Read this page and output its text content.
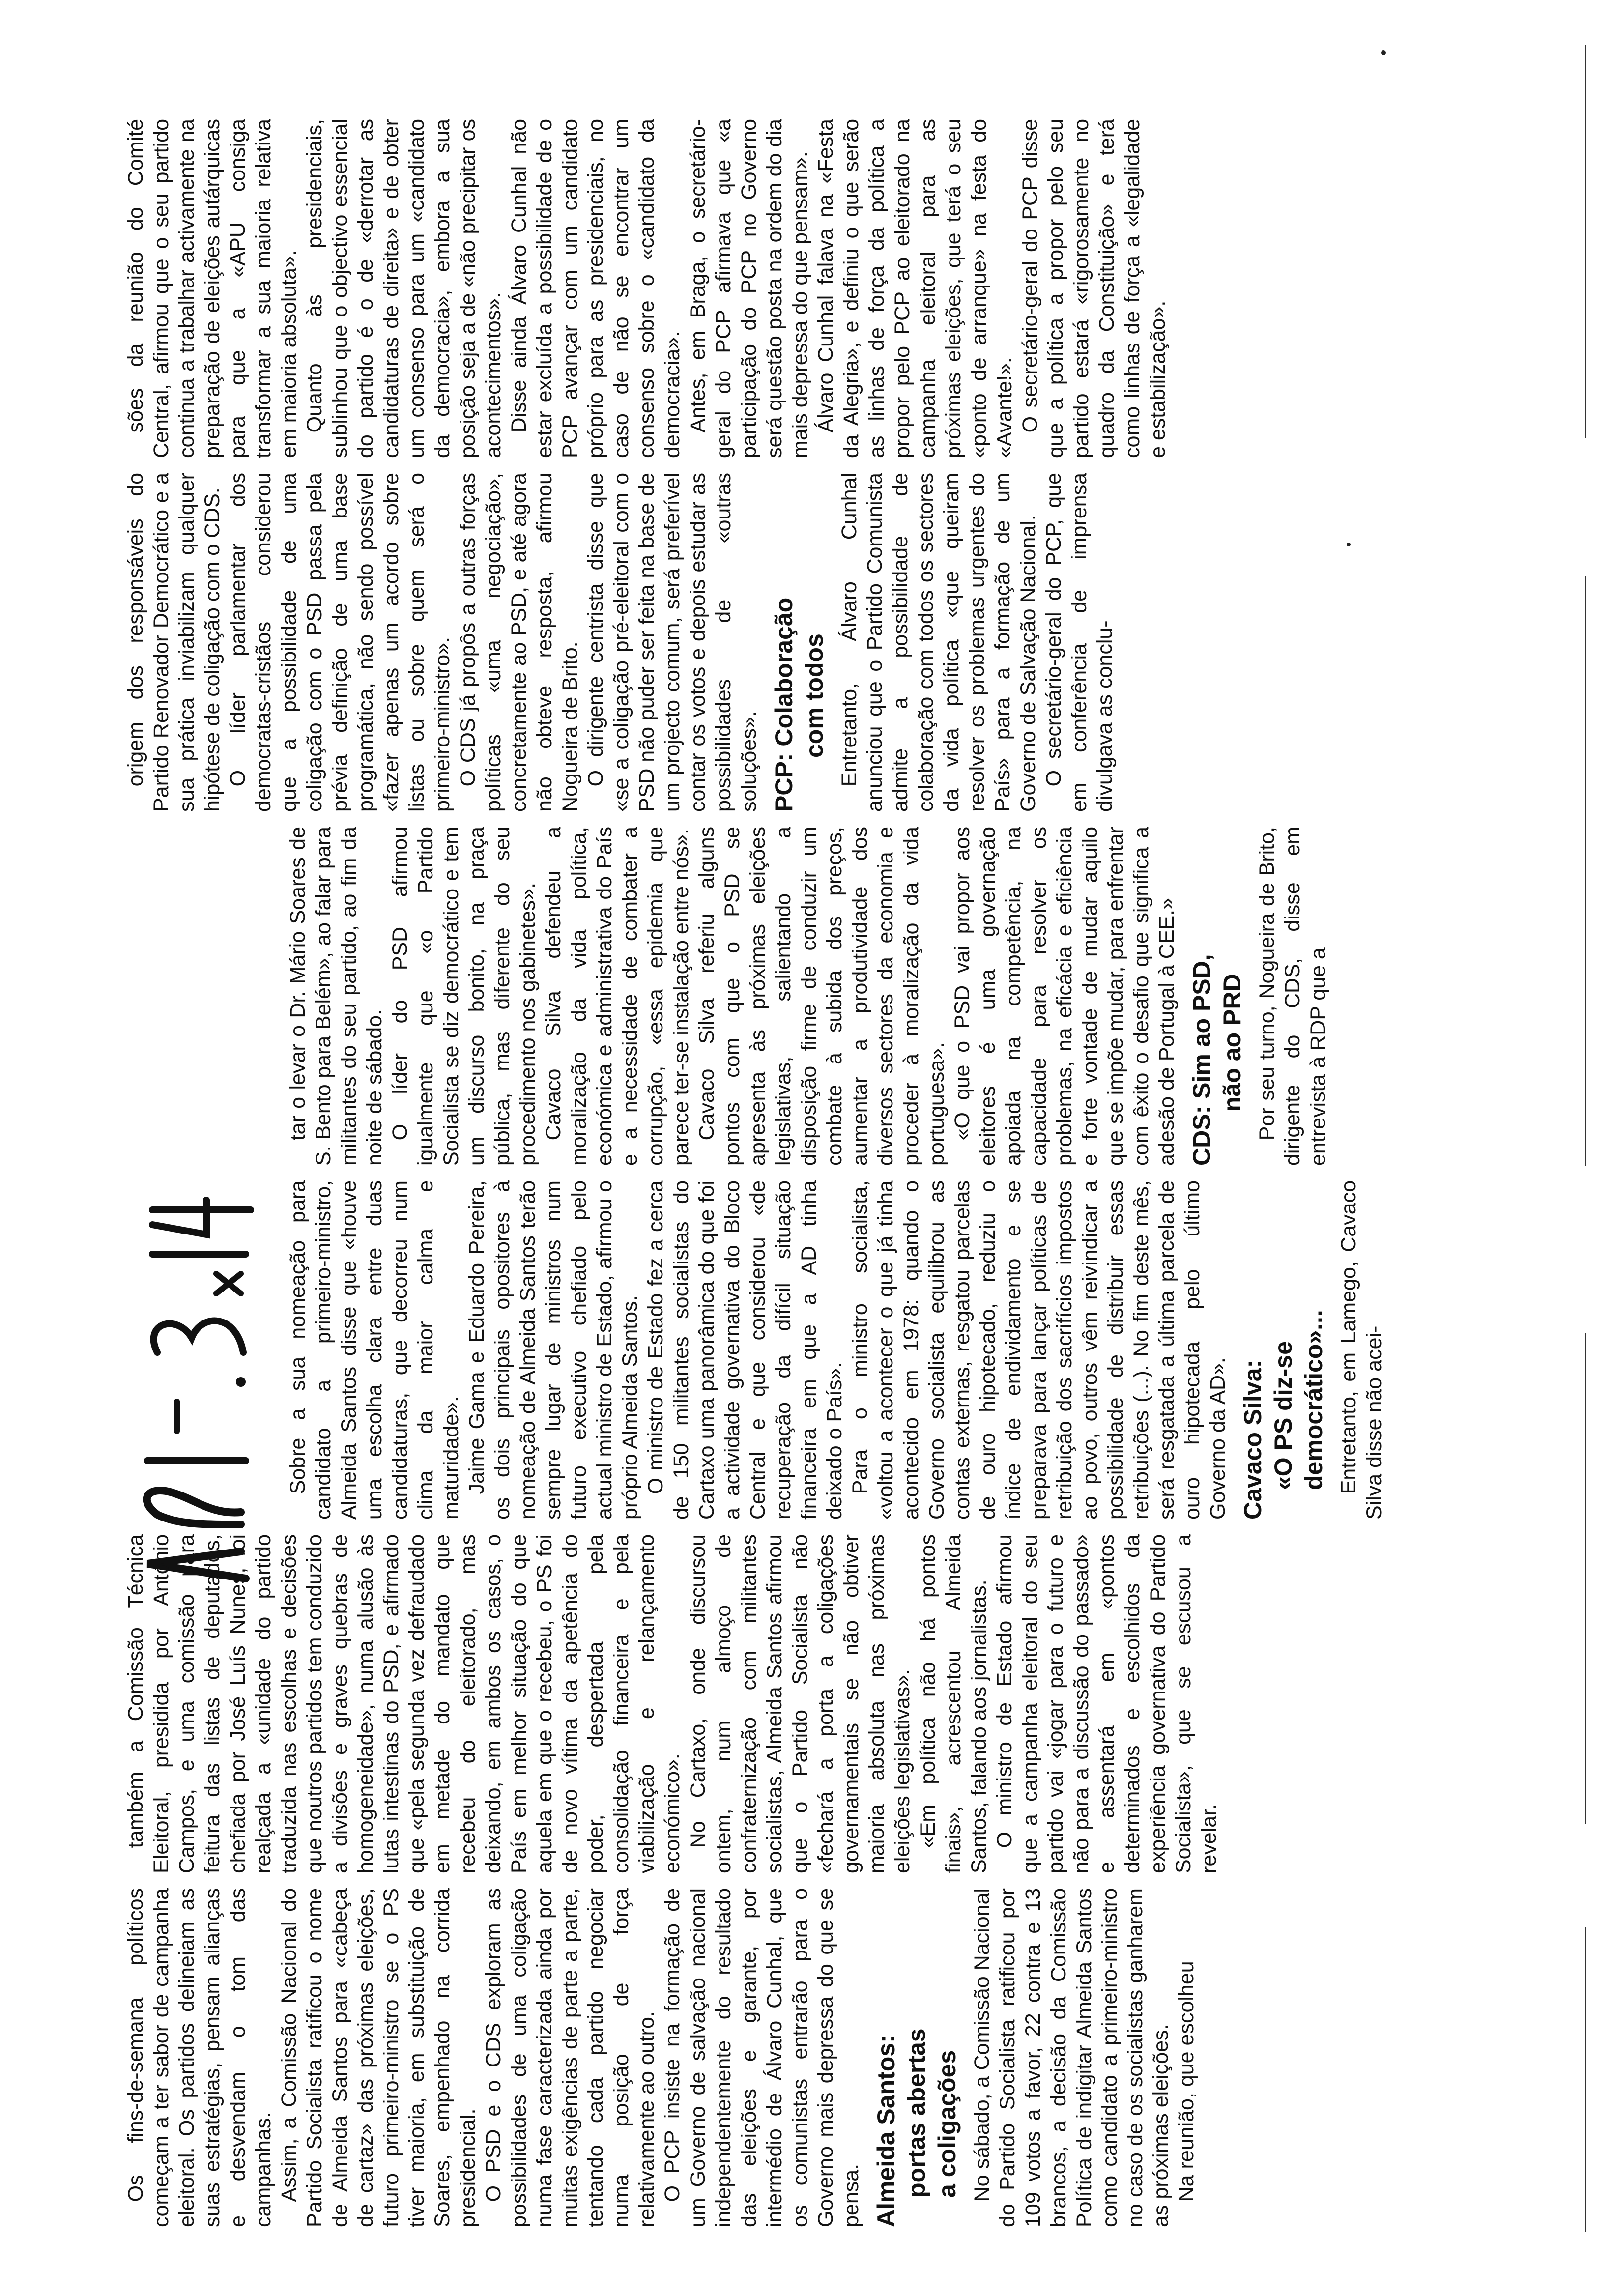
Os fins-de-semana políticos começam a ter sabor de campanha eleitoral. Os partidos delineiam as suas estratégias, pensam alianças e desvendam o tom das campanhas. Assim, a Comissão Nacional do Partido Socialista ratificou o nome de Almeida Santos para «cabeça de cartaz» das próximas eleições, futuro primeiro-ministro se o PS tiver maioria, em substituição de Soares, empenhado na corrida presidencial. O PSD e o CDS exploram as possibilidades de uma coligação numa fase caracterizada ainda por muitas exigências de parte a parte, tentando cada partido negociar numa posição de força relativamente ao outro. O PCP insiste na formação de um Governo de salvação nacional independentemente do resultado das eleições e garante, por intermédio de Álvaro Cunhal, que os comunistas entrarão para o Governo mais depressa do que se pensa. Almeida Santos: portas abertas a coligações No sábado, a Comissão Nacional do Partido Socialista ratificou por 109 votos a favor, 22 contra e 13 brancos, a decisão da Comissão Política de indigitar Almeida Santos como candidato a primeiro-ministro no caso de os socialistas ganharem as próximas eleições. Na reunião, que escolheu

também a Comissão Técnica Eleitoral, presidida por António Campos, e uma comissão para feitura das listas de deputados, chefiada por José Luís Nunes, foi realçada a «unidade do partido traduzida nas escolhas e decisões que noutros partidos tem conduzido a divisões e graves quebras de homogeneidade», numa alusão às lutas intestinas do PSD, e afirmado que «pela segunda vez defraudado em metade do mandato que recebeu do eleitorado, mas deixando, em ambos os casos, o País em melhor situação do que aquela em que o recebeu, o PS foi de novo vítima da apetência do poder, despertada pela consolidação financeira e pela viabilização e relançamento económico». No Cartaxo, onde discursou ontem, num almoço de confraternização com militantes socialistas, Almeida Santos afirmou que o Partido Socialista não «fechará a porta a coligações governamentais se não obtiver maioria absoluta nas próximas eleições legislativas». «Em política não há pontos finais», acrescentou Almeida Santos, falando aos jornalistas. O ministro de Estado afirmou que a campanha eleitoral do seu partido vai «jogar para o futuro e não para a discussão do passado» e assentará em «pontos determinados e escolhidos da experiência governativa do Partido Socialista», que se escusou a revelar.

Sobre a sua nomeação para candidato a primeiro-ministro, Almeida Santos disse que «houve uma escolha clara entre duas candidaturas, que decorreu num clima da maior calma e maturidade». Jaime Gama e Eduardo Pereira, os dois principais opositores à nomeação de Almeida Santos terão sempre lugar de ministros num futuro executivo chefiado pelo actual ministro de Estado, afirmou o próprio Almeida Santos. O ministro de Estado fez a cerca de 150 militantes socialistas do Cartaxo uma panorâmica do que foi a actividade governativa do Bloco Central e que considerou «de recuperação da difícil situação financeira em que a AD tinha deixado o País». Para o ministro socialista, «voltou a acontecer o que já tinha acontecido em 1978: quando o Governo socialista equilibrou as contas externas, resgatou parcelas de ouro hipotecado, reduziu o índice de endividamento e se preparava para lançar políticas de retribuição dos sacrifícios impostos ao povo, outros vêm reivindicar a possibilidade de distribuir essas retribuições (...). No fim deste mês, será resgatada a última parcela de ouro hipotecada pelo último Governo da AD». Cavaco Silva: «O PS diz-se democrático»... Entretanto, em Lamego, Cavaco Silva disse não acei-

tar o levar o Dr. Mário Soares de S. Bento para Belém», ao falar para militantes do seu partido, ao fim da noite de sábado. O líder do PSD afirmou igualmente que «o Partido Socialista se diz democrático e tem um discurso bonito, na praça pública, mas diferente do seu procedimento nos gabinetes». Cavaco Silva defendeu a moralização da vida política, económica e administrativa do País e a necessidade de combater a corrupção, «essa epidemia que parece ter-se instalação entre nós». Cavaco Silva referiu alguns pontos com que o PSD se apresenta às próximas eleições legislativas, salientando a disposição firme de conduzir um combate à subida dos preços, aumentar a produtividade dos diversos sectores da economia e proceder à moralização da vida portuguesa». «O que o PSD vai propor aos eleitores é uma governação apoiada na competência, na capacidade para resolver os problemas, na eficácia e eficiência e forte vontade de mudar aquilo que se impõe mudar, para enfrentar com êxito o desafio que significa a adesão de Portugal à CEE.» CDS: Sim ao PSD, não ao PRD Por seu turno, Nogueira de Brito, dirigente do CDS, disse em entrevista à RDP que a

origem dos responsáveis do Partido Renovador Democrático e a sua prática inviabilizam qualquer hipótese de coligação com o CDS. O líder parlamentar dos democratas-cristãos considerou que a possibilidade de uma coligação com o PSD passa pela prévia definição de uma base programática, não sendo possível «fazer apenas um acordo sobre listas ou sobre quem será o primeiro-ministro». O CDS já propôs a outras forças políticas «uma negociação», concretamente ao PSD, e até agora não obteve resposta, afirmou Nogueira de Brito. O dirigente centrista disse que «se a coligação pré-eleitoral com o PSD não puder ser feita na base de um projecto comum, será preferível contar os votos e depois estudar as possibilidades de «outras soluções». PCP: Colaboração com todos Entretanto, Álvaro Cunhal anunciou que o Partido Comunista admite a possibilidade de colaboração com todos os sectores da vida política «que queiram resolver os problemas urgentes do País» para a formação de um Governo de Salvação Nacional. O secretário-geral do PCP, que em conferência de imprensa divulgava as conclu-

sões da reunião do Comité Central, afirmou que o seu partido continua a trabalhar activamente na preparação de eleições autárquicas para que a «APU consiga transformar a sua maioria relativa em maioria absoluta». Quanto às presidenciais, sublinhou que o objectivo essencial do partido é o de «derrotar as candidaturas de direita» e de obter um consenso para um «candidato da democracia», embora a sua posição seja a de «não precipitar os acontecimentos». Disse ainda Álvaro Cunhal não estar excluída a possibilidade de o PCP avançar com um candidato próprio para as presidenciais, no caso de não se encontrar um consenso sobre o «candidato da democracia». Antes, em Braga, o secretário-geral do PCP afirmava que «a participação do PCP no Governo será questão posta na ordem do dia mais depressa do que pensam». Álvaro Cunhal falava na «Festa da Alegria», e definiu o que serão as linhas de força da política a propor pelo PCP ao eleitorado na campanha eleitoral para as próximas eleições, que terá o seu «ponto de arranque» na festa do «Avante!». O secretário-geral do PCP disse que a política a propor pelo seu partido estará «rigorosamente no quadro da Constituição» e terá como linhas de força a «legalidade e estabilização».
